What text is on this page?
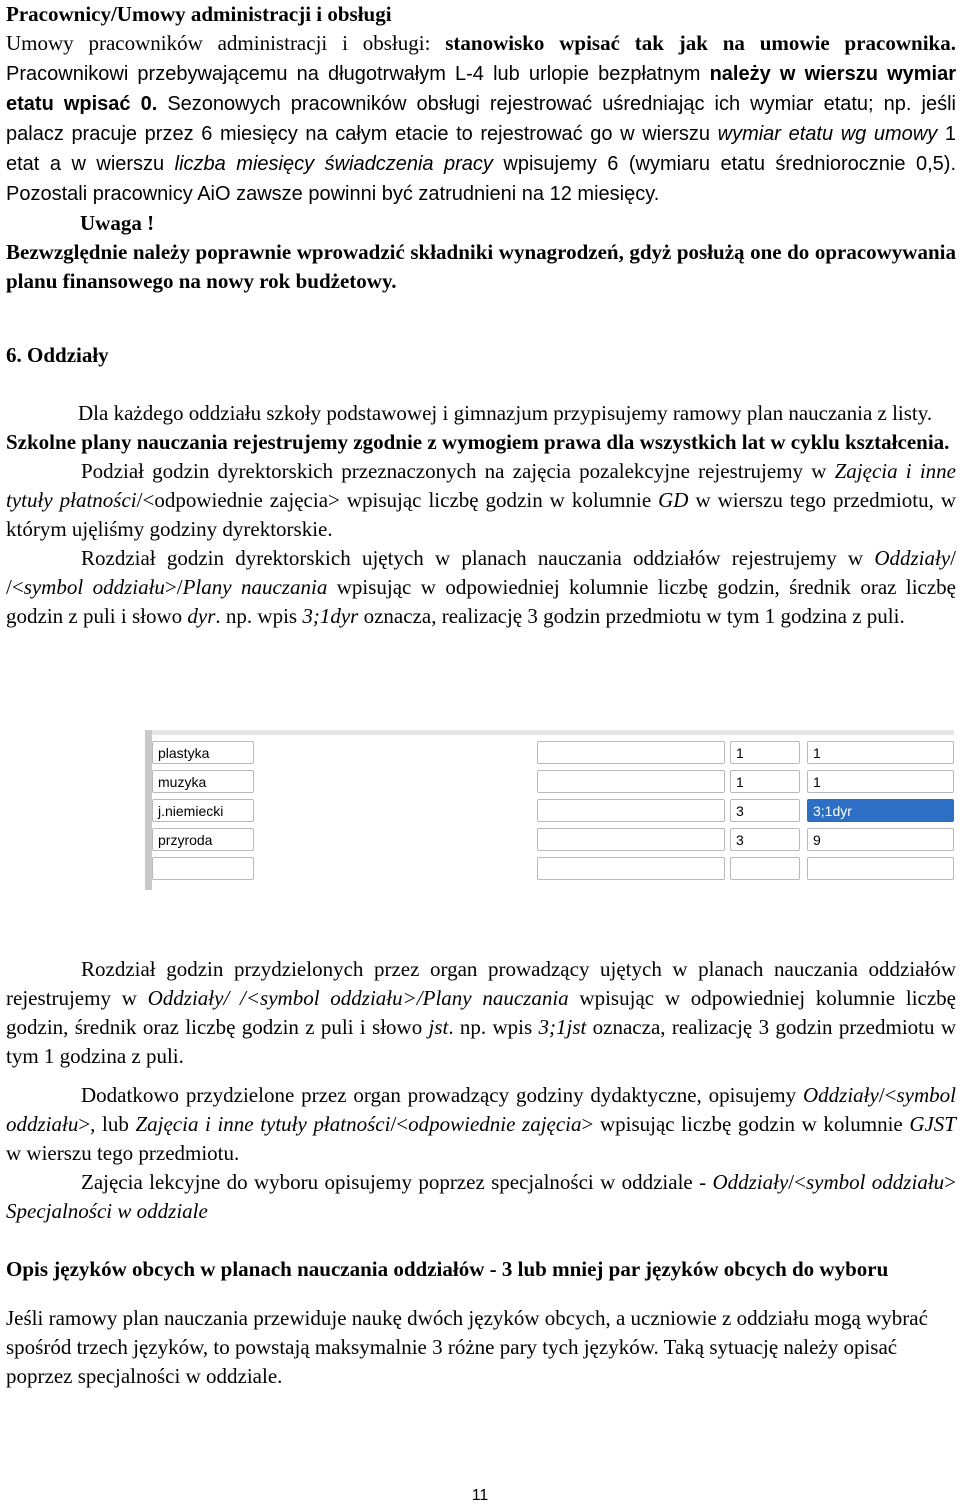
Pracownicy/Umowy administracji i obsługi

Umowy pracowników administracji i obsługi: stanowisko wpisać tak jak na umowie pracownika. Pracownikowi przebywającemu na długotrwałym L-4 lub urlopie bezpłatnym należy w wierszu wymiar etatu wpisać 0. Sezonowych pracowników obsługi rejestrować uśredniając ich wymiar etatu; np. jeśli palacz pracuje przez 6 miesięcy na całym etacie to rejestrować go w wierszu wymiar etatu wg umowy 1 etat a w wierszu liczba miesięcy świadczenia pracy wpisujemy 6 (wymiaru etatu średniorocznie 0,5). Pozostali pracownicy AiO zawsze powinni być zatrudnieni na 12 miesięcy.

Uwaga !

Bezwzględnie należy poprawnie wprowadzić składniki wynagrodzeń, gdyż posłużą one do opracowywania planu finansowego na nowy rok budżetowy.

6. Oddziały

Dla każdego oddziału szkoły podstawowej i gimnazjum przypisujemy ramowy plan nauczania z listy.

Szkolne plany nauczania rejestrujemy zgodnie z wymogiem prawa dla wszystkich lat w cyklu kształcenia.

Podział godzin dyrektorskich przeznaczonych na zajęcia pozalekcyjne rejestrujemy w Zajęcia i inne tytuły płatności/<odpowiednie zajęcia> wpisując liczbę godzin w kolumnie GD w wierszu tego przedmiotu, w którym ujęliśmy godziny dyrektorskie.

Rozdział godzin dyrektorskich ujętych w planach nauczania oddziałów rejestrujemy w Oddziały/ /<symbol oddziału>/Plany nauczania wpisując w odpowiedniej kolumnie liczbę godzin, średnik oraz liczbę godzin z puli i słowo dyr. np. wpis 3;1dyr oznacza, realizację 3 godzin przedmiotu w tym 1 godzina z puli.

plastyka	1	1
muzyka	1	1
j.niemiecki	3	3;1dyr
przyroda	3	9

Rozdział godzin przydzielonych przez organ prowadzący ujętych w planach nauczania oddziałów rejestrujemy w Oddziały/ /<symbol oddziału>/Plany nauczania wpisując w odpowiedniej kolumnie liczbę godzin, średnik oraz liczbę godzin z puli i słowo jst. np. wpis 3;1jst oznacza, realizację 3 godzin przedmiotu w tym 1 godzina z puli.

Dodatkowo przydzielone przez organ prowadzący godziny dydaktyczne, opisujemy Oddziały/<symbol oddziału>, lub Zajęcia i inne tytuły płatności/<odpowiednie zajęcia> wpisując liczbę godzin w kolumnie GJST w wierszu tego przedmiotu.

Zajęcia lekcyjne do wyboru opisujemy poprzez specjalności w oddziale - Oddziały/<symbol oddziału> Specjalności w oddziale

Opis języków obcych w planach nauczania oddziałów - 3 lub mniej par języków obcych do wyboru

Jeśli ramowy plan nauczania przewiduje naukę dwóch języków obcych, a uczniowie z oddziału mogą wybrać spośród trzech języków, to powstają maksymalnie 3 różne pary tych języków. Taką sytuację należy opisać poprzez specjalności w oddziale.

11
